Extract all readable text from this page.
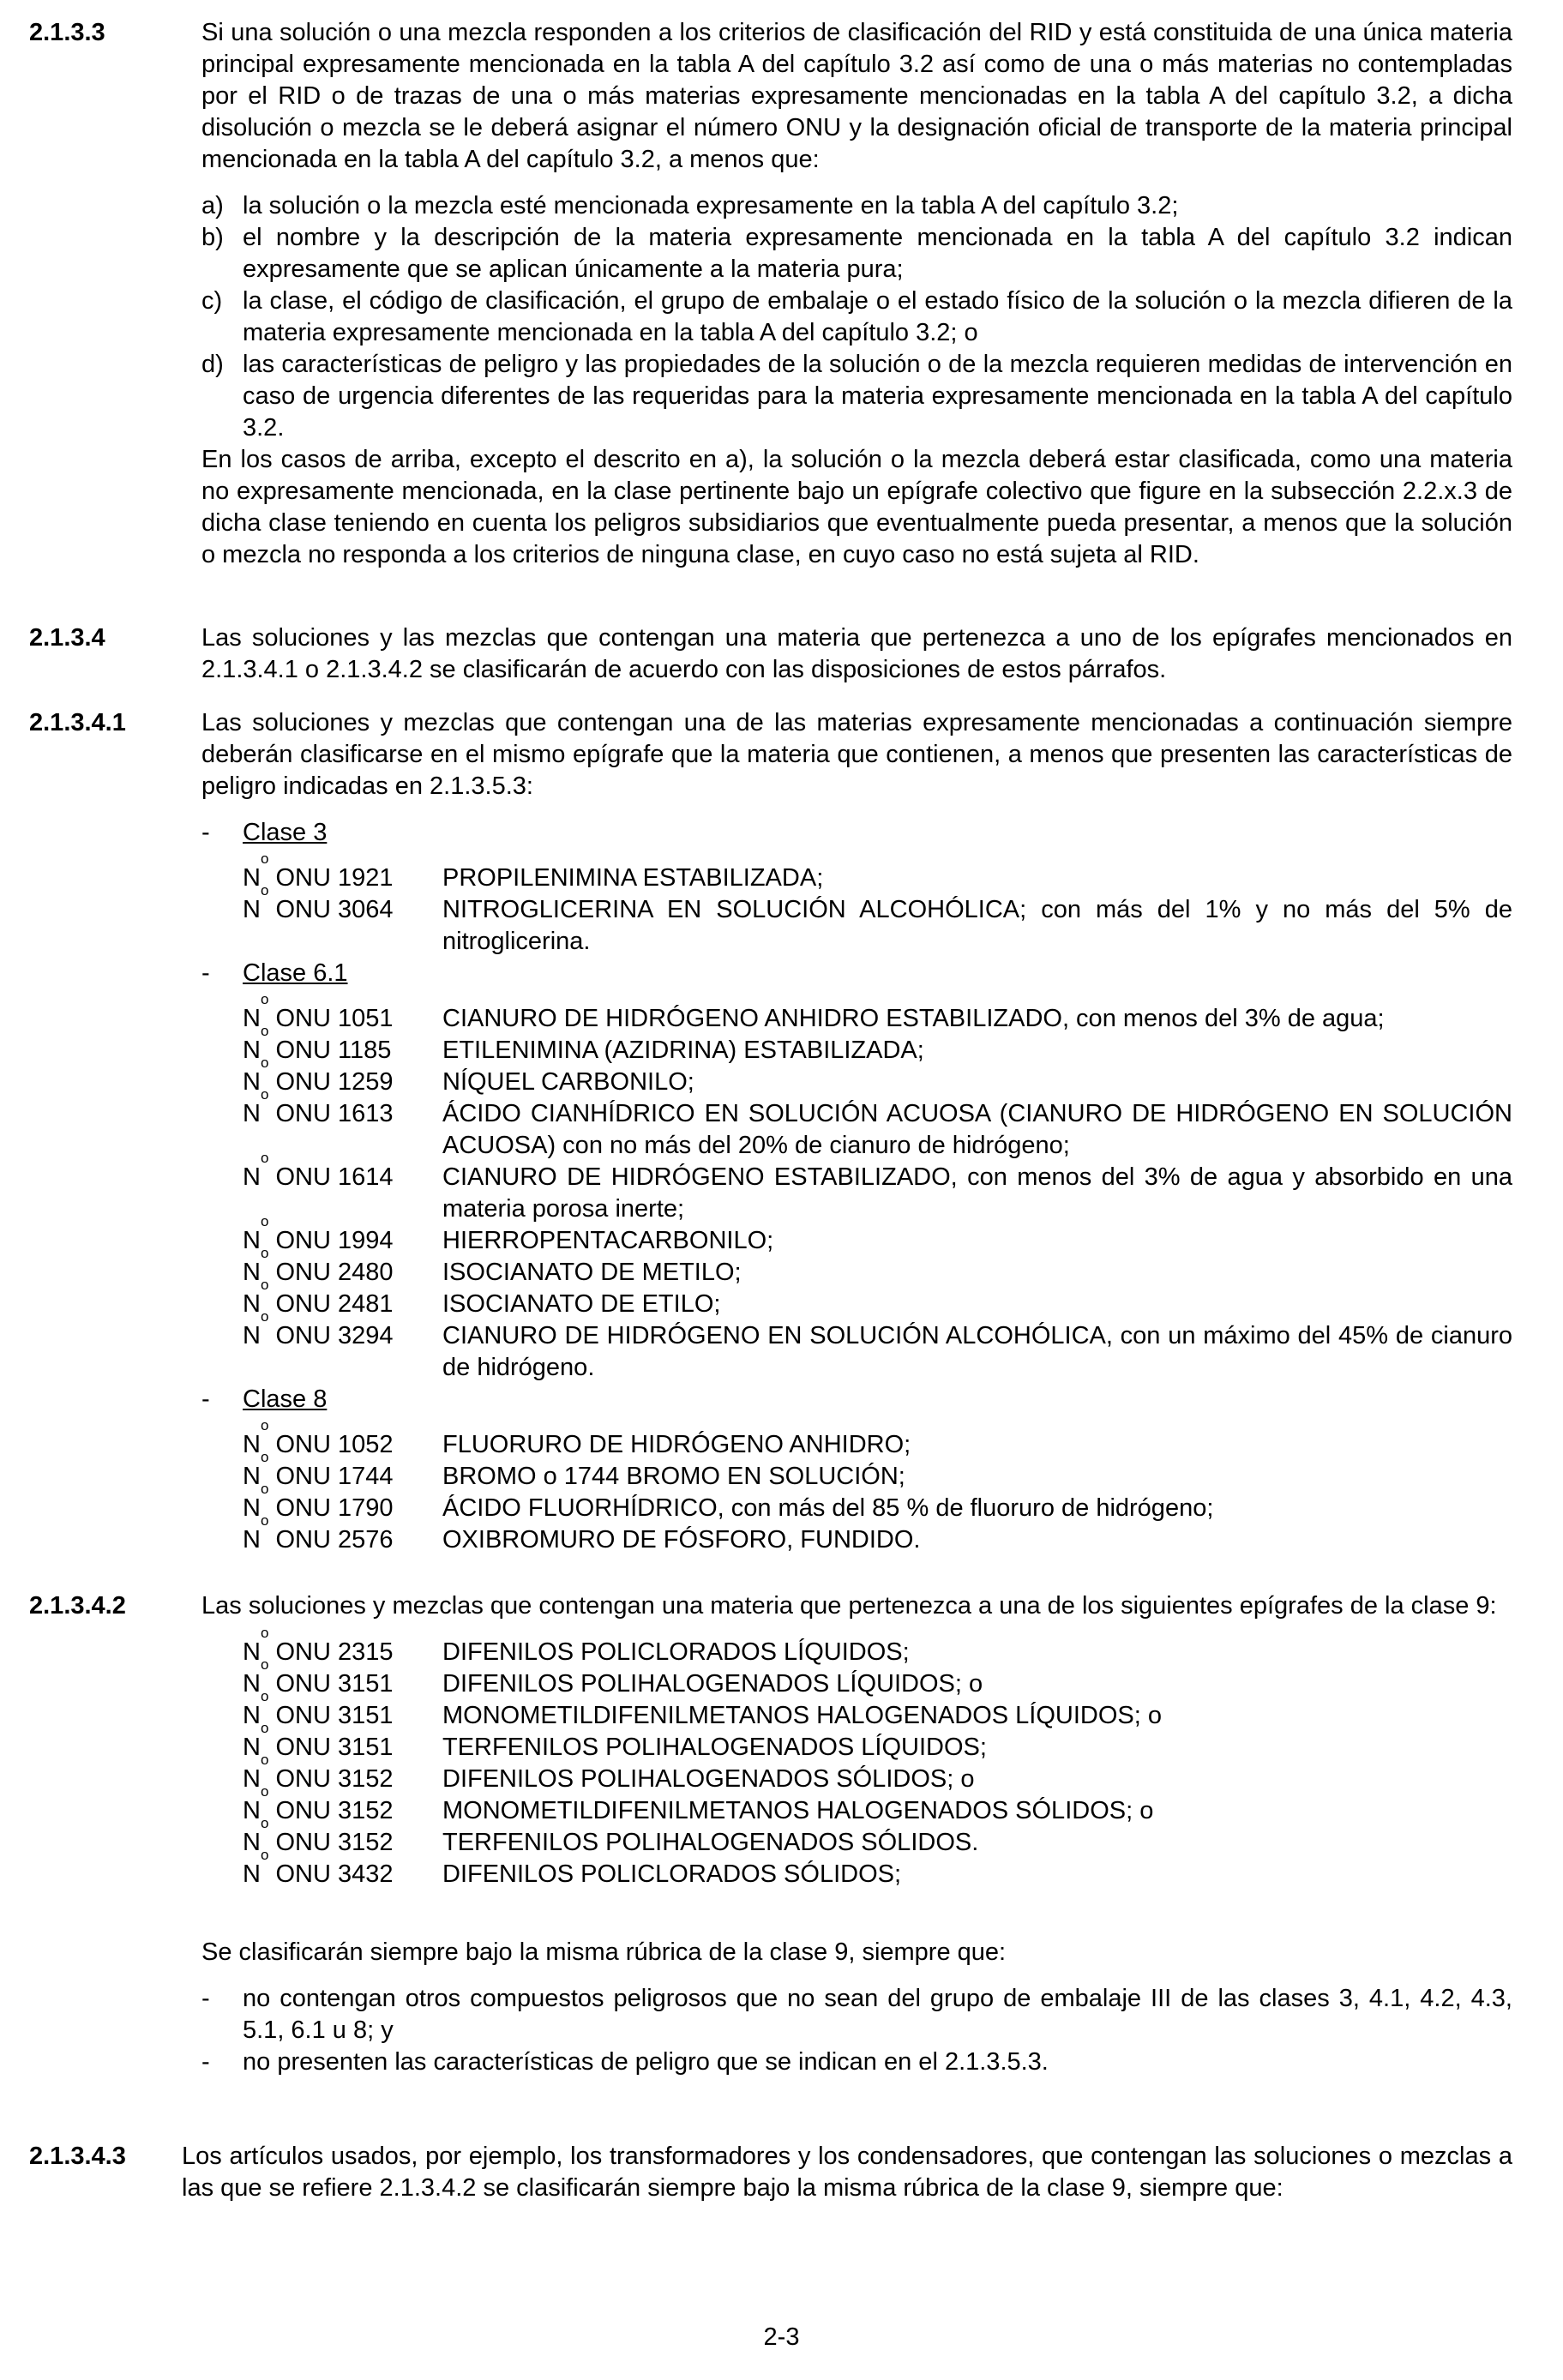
2.1.3.3	Si una solución o una mezcla responden a los criterios de clasificación del RID y está constituida de una única materia principal expresamente mencionada en la tabla A del capítulo 3.2 así como de una o más materias no contempladas por el RID o de trazas de una o más materias expresamente mencionadas en la tabla A del capítulo 3.2, a dicha disolución o mezcla se le deberá asignar el número ONU y la designación oficial de transporte de la materia principal mencionada en la tabla A del capítulo 3.2, a menos que:

a) la solución o la mezcla esté mencionada expresamente en la tabla A del capítulo 3.2;
b) el nombre y la descripción de la materia expresamente mencionada en la tabla A del capítulo 3.2 indican expresamente que se aplican únicamente a la materia pura;
c) la clase, el código de clasificación, el grupo de embalaje o el estado físico de la solución o la mezcla difieren de la materia expresamente mencionada en la tabla A del capítulo 3.2; o
d) las características de peligro y las propiedades de la solución o de la mezcla requieren medidas de intervención en caso de urgencia diferentes de las requeridas para la materia expresamente mencionada en la tabla A del capítulo 3.2.

En los casos de arriba, excepto el descrito en a), la solución o la mezcla deberá estar clasificada, como una materia no expresamente mencionada, en la clase pertinente bajo un epígrafe colectivo que figure en la subsección 2.2.x.3 de dicha clase teniendo en cuenta los peligros subsidiarios que eventualmente pueda presentar, a menos que la solución o mezcla no responda a los criterios de ninguna clase, en cuyo caso no está sujeta al RID.

2.1.3.4	Las soluciones y las mezclas que contengan una materia que pertenezca a uno de los epígrafes mencionados en 2.1.3.4.1 o 2.1.3.4.2 se clasificarán de acuerdo con las disposiciones de estos párrafos.

2.1.3.4.1	Las soluciones y mezclas que contengan una de las materias expresamente mencionadas a continuación siempre deberán clasificarse en el mismo epígrafe que la materia que contienen, a menos que presenten las características de peligro indicadas en 2.1.3.5.3:

- Clase 3
$N^o$ ONU 1921 PROPILENIMINA ESTABILIZADA;
$N^o$ ONU 3064 NITROGLICERINA EN SOLUCIÓN ALCOHÓLICA; con más del 1% y no más del 5% de nitroglicerina.
- Clase 6.1
$N^o$ ONU 1051 CIANURO DE HIDRÓGENO ANHIDRO ESTABILIZADO, con menos del 3% de agua;
$N^o$ ONU 1185 ETILENIMINA (AZIDRINA) ESTABILIZADA;
$N^o$ ONU 1259 NÍQUEL CARBONILO;
$N^o$ ONU 1613 ÁCIDO CIANHÍDRICO EN SOLUCIÓN ACUOSA (CIANURO DE HIDRÓGENO EN SOLUCIÓN ACUOSA) con no más del 20% de cianuro de hidrógeno;
$N^o$ ONU 1614 CIANURO DE HIDRÓGENO ESTABILIZADO, con menos del 3% de agua y absorbido en una materia porosa inerte;
$N^o$ ONU 1994 HIERROPENTACARBONILO;
$N^o$ ONU 2480 ISOCIANATO DE METILO;
$N^o$ ONU 2481 ISOCIANATO DE ETILO;
$N^o$ ONU 3294 CIANURO DE HIDRÓGENO EN SOLUCIÓN ALCOHÓLICA, con un máximo del 45% de cianuro de hidrógeno.
- Clase 8
$N^o$ ONU 1052 FLUORURO DE HIDRÓGENO ANHIDRO;
$N^o$ ONU 1744 BROMO o 1744 BROMO EN SOLUCIÓN;
$N^o$ ONU 1790 ÁCIDO FLUORHÍDRICO, con más del 85 % de fluoruro de hidrógeno;
$N^o$ ONU 2576 OXIBROMURO DE FÓSFORO, FUNDIDO.
2.1.3.4.2	Las soluciones y mezclas que contengan una materia que pertenezca a una de los siguientes epígrafes de la clase 9:

$N^o$ ONU 2315 DIFENILOS POLICLORADOS LÍQUIDOS;
$N^o$ ONU 3151 DIFENILOS POLIHALOGENADOS LÍQUIDOS; o
$N^o$ ONU 3151 MONOMETILDIFENILMETANOS HALOGENADOS LÍQUIDOS; o
$N^o$ ONU 3151 TERFENILOS POLIHALOGENADOS LÍQUIDOS;
$N^o$ ONU 3152 DIFENILOS POLIHALOGENADOS SÓLIDOS; o
$N^o$ ONU 3152 MONOMETILDIFENILMETANOS HALOGENADOS SÓLIDOS; o
$N^o$ ONU 3152 TERFENILOS POLIHALOGENADOS SÓLIDOS.
$N^o$ ONU 3432 DIFENILOS POLICLORADOS SÓLIDOS;

Se clasificarán siempre bajo la misma rúbrica de la clase 9, siempre que:

- no contengan otros compuestos peligrosos que no sean del grupo de embalaje III de las clases 3, 4.1, 4.2, 4.3, 5.1, 6.1 u 8; y
- no presenten las características de peligro que se indican en el 2.1.3.5.3.
2.1.3.4.3 Los artículos usados, por ejemplo, los transformadores y los condensadores, que contengan las soluciones o mezclas a las que se refiere 2.1.3.4.2 se clasificarán siempre bajo la misma rúbrica de la clase 9, siempre que:

2-3
